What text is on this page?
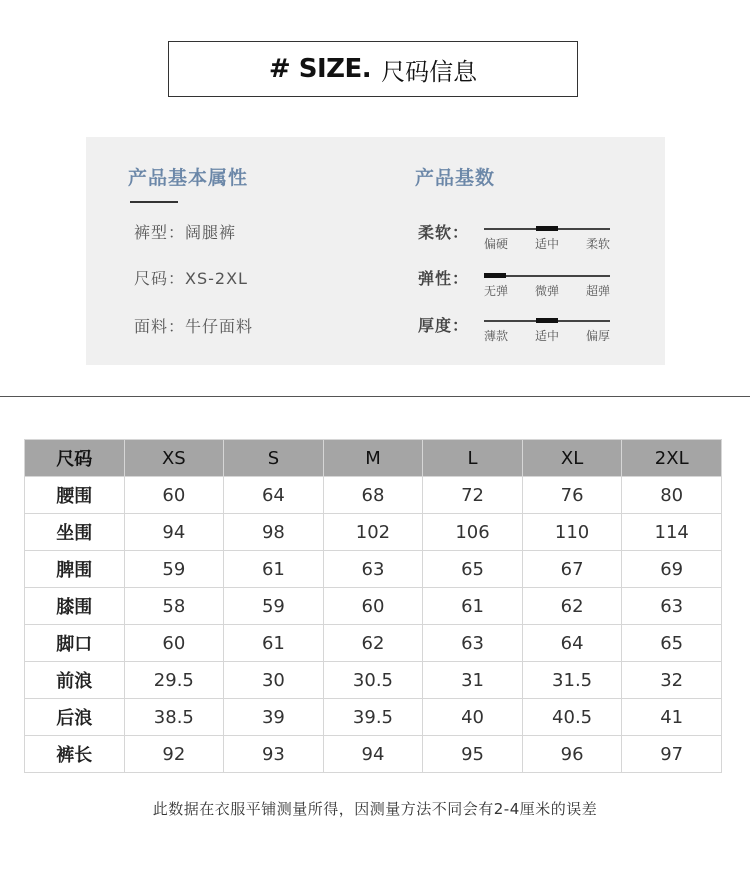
# SIZE. 尺码信息
产品基本属性
裤型：阔腿裤
尺码：XS-2XL
面料：牛仔面料
产品基数
柔软：
偏硬 适中 柔软
弹性：
无弹 微弹 超弹
厚度：
薄款 适中 偏厚
尺码	XS	S	M	L	XL	2XL
腰围	60	64	68	72	76	80
坐围	94	98	102	106	110	114
脾围	59	61	63	65	67	69
膝围	58	59	60	61	62	63
脚口	60	61	62	63	64	65
前浪	29.5	30	30.5	31	31.5	32
后浪	38.5	39	39.5	40	40.5	41
裤长	92	93	94	95	96	97
此数据在衣服平铺测量所得，因测量方法不同会有2-4厘米的误差
